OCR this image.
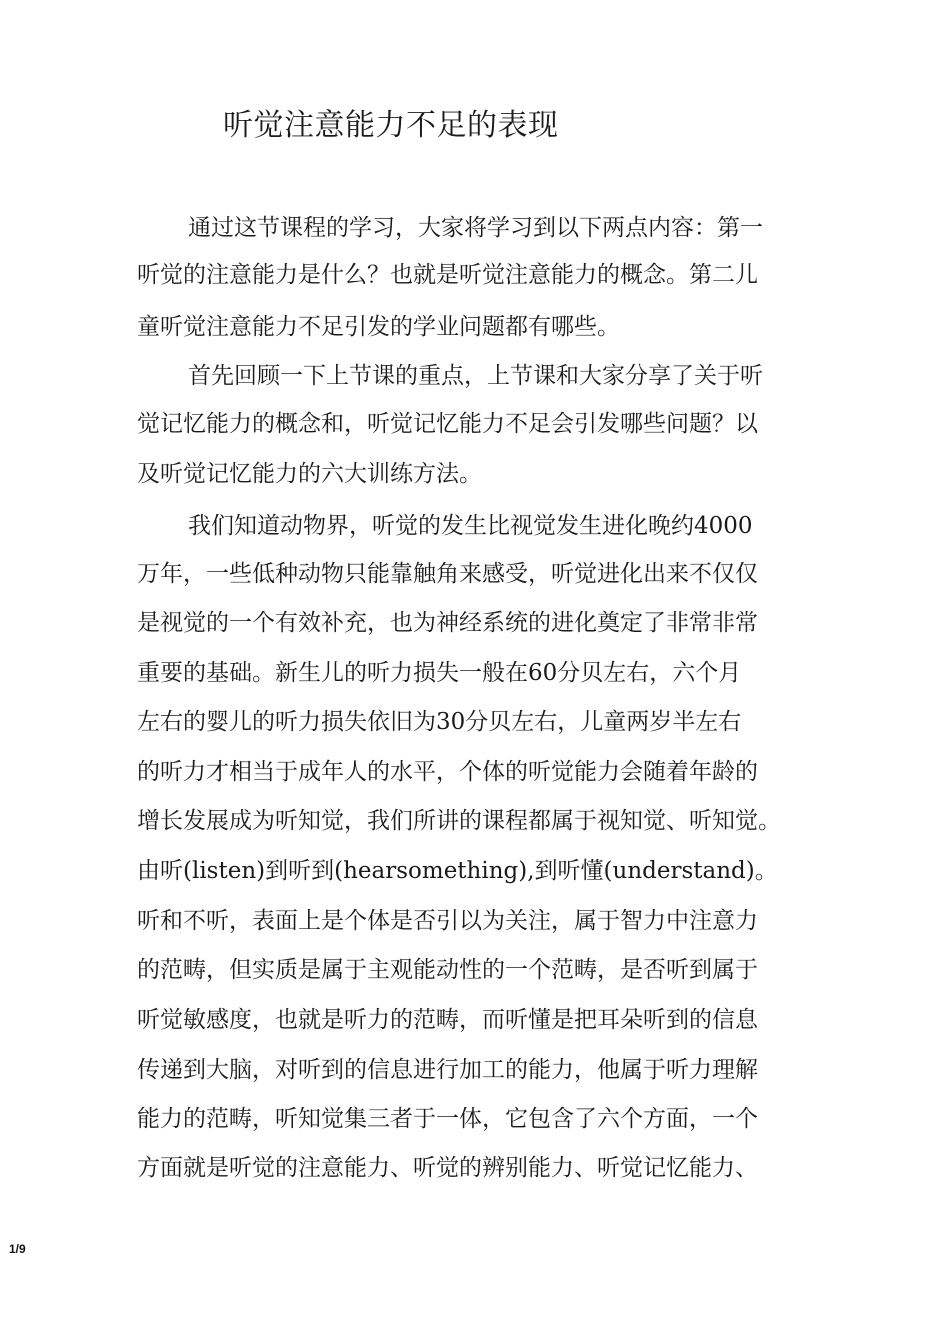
听觉注意能力不足的表现
通过这节课程的学习，大家将学习到以下两点内容：第一
听觉的注意能力是什么？也就是听觉注意能力的概念。第二儿
童听觉注意能力不足引发的学业问题都有哪些。
首先回顾一下上节课的重点，上节课和大家分享了关于听
觉记忆能力的概念和，听觉记忆能力不足会引发哪些问题？以
及听觉记忆能力的六大训练方法。
我们知道动物界，听觉的发生比视觉发生进化晚约4000
万年，一些低种动物只能靠触角来感受，听觉进化出来不仅仅
是视觉的一个有效补充，也为神经系统的进化奠定了非常非常
重要的基础。新生儿的听力损失一般在60分贝左右，六个月
左右的婴儿的听力损失依旧为30分贝左右，儿童两岁半左右
的听力才相当于成年人的水平，个体的听觉能力会随着年龄的
增长发展成为听知觉，我们所讲的课程都属于视知觉、听知觉。
由听(listen)到听到(hearsomething),到听懂(understand)。
听和不听，表面上是个体是否引以为关注，属于智力中注意力
的范畴，但实质是属于主观能动性的一个范畴，是否听到属于
听觉敏感度，也就是听力的范畴，而听懂是把耳朵听到的信息
传递到大脑，对听到的信息进行加工的能力，他属于听力理解
能力的范畴，听知觉集三者于一体，它包含了六个方面，一个
方面就是听觉的注意能力、听觉的辨别能力、听觉记忆能力、
1/9
